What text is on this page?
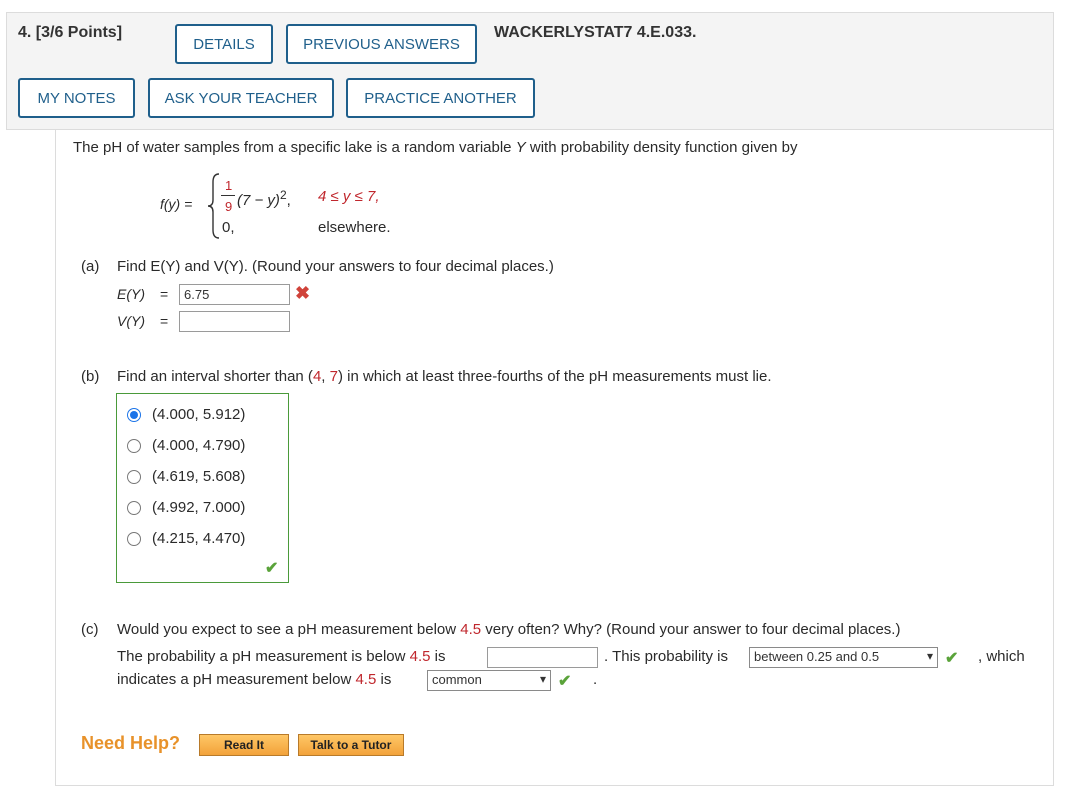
4. [3/6 Points]
DETAILS	PREVIOUS ANSWERS
WACKERLYSTAT7 4.E.033.
MY NOTES	ASK YOUR TEACHER	PRACTICE ANOTHER
The pH of water samples from a specific lake is a random variable Y with probability density function given by
f(y) =
1
9 $(7 - y)^2$, 4 ≤ y ≤ 7,
0,	elsewhere.
(a) Find E(Y) and V(Y). (Round your answers to four decimal places.)
E(Y) =
6.75	✖
V(Y) =
(b) Find an interval shorter than (4, 7) in which at least three-fourths of the pH measurements must lie.
(4.000, 5.912)
(4.000, 4.790)
(4.619, 5.608)
(4.992, 7.000)
(4.215, 4.470)
✔
(c) Would you expect to see a pH measurement below 4.5 very often? Why? (Round your answer to four decimal places.)
The probability a pH measurement is below 4.5 is	. This probability is	between 0.25 and 0.5	▾ ✔ , which
indicates a pH measurement below 4.5 is	common	▾ ✔ .
Need Help?	Read It	Talk to a Tutor
